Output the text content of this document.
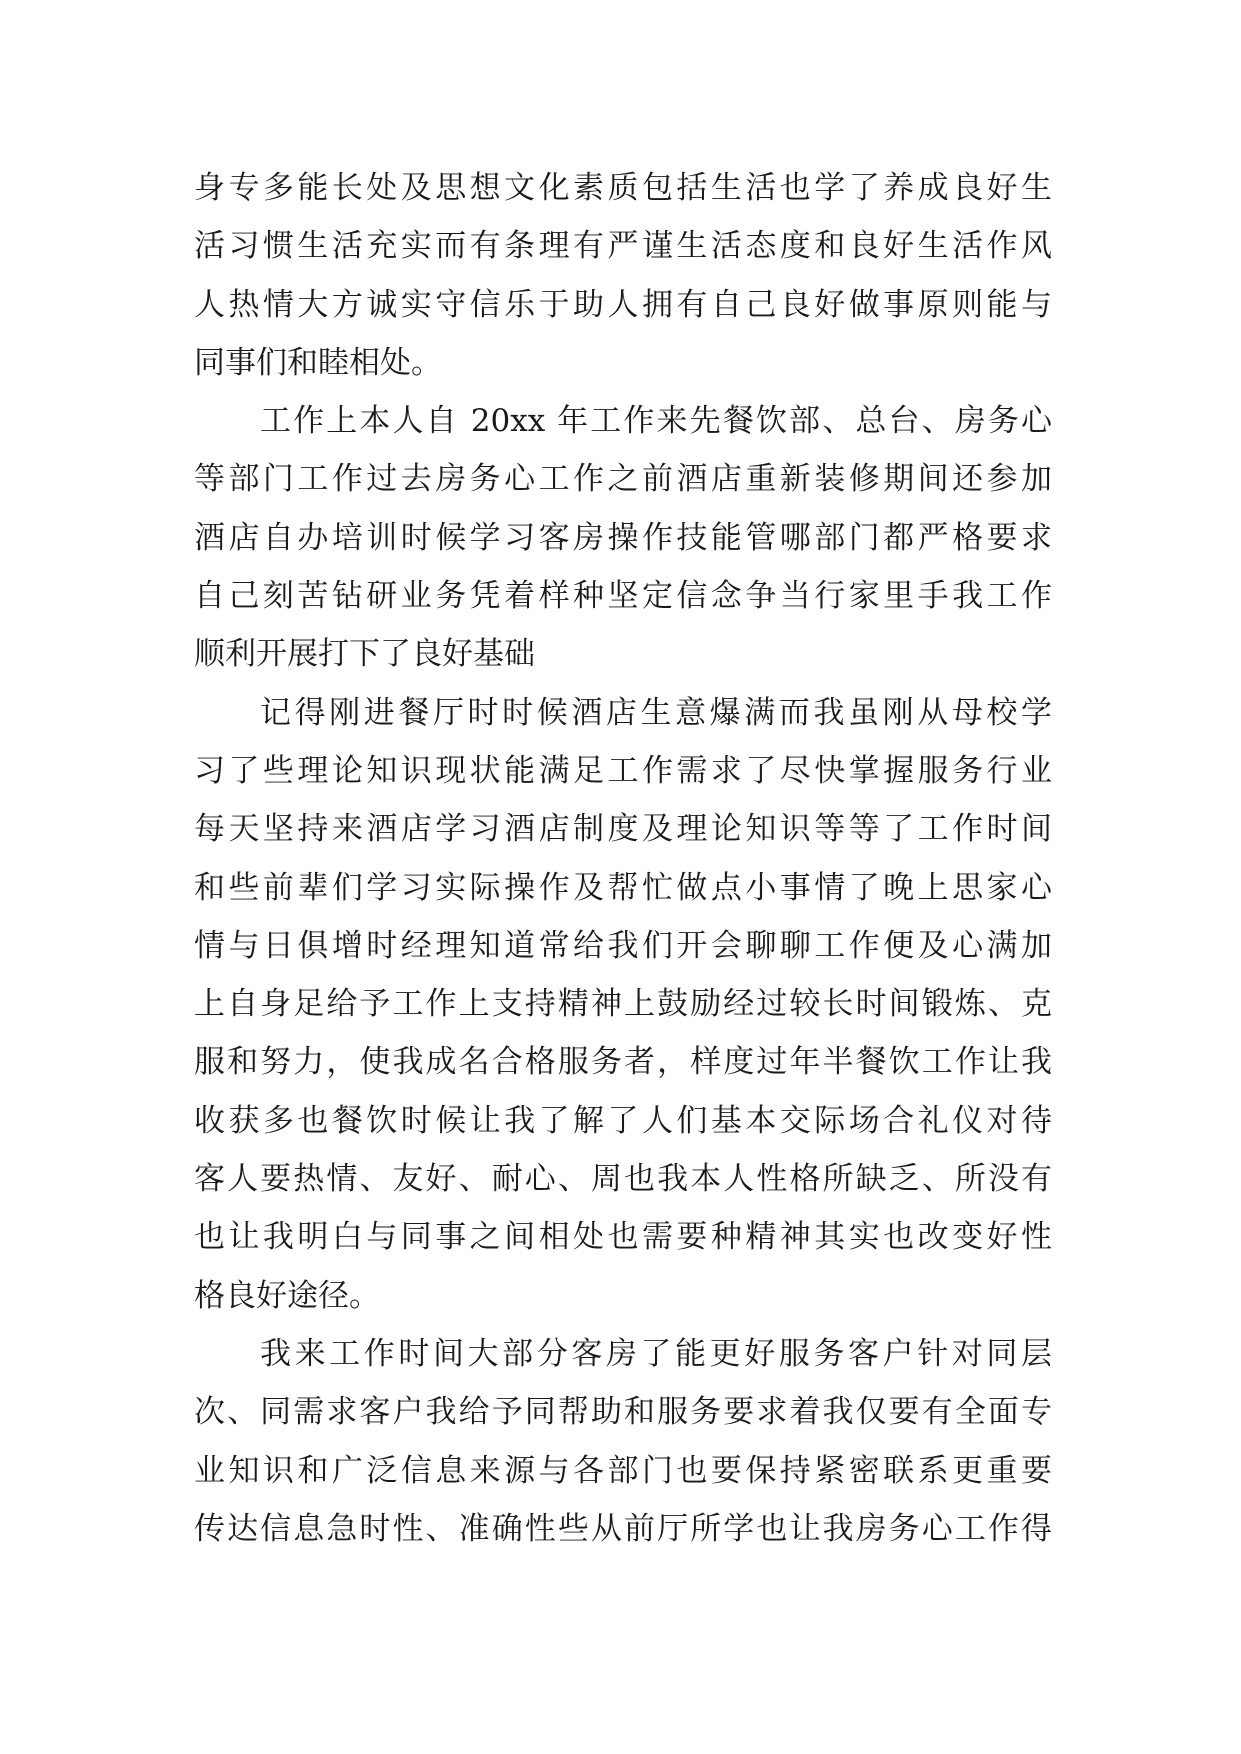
身专多能长处及思想文化素质包括生活也学了养成良好生
活习惯生活充实而有条理有严谨生活态度和良好生活作风
人热情大方诚实守信乐于助人拥有自己良好做事原则能与
同事们和睦相处。
工作上本人自 20xx 年工作来先餐饮部、总台、房务心
等部门工作过去房务心工作之前酒店重新装修期间还参加
酒店自办培训时候学习客房操作技能管哪部门都严格要求
自己刻苦钻研业务凭着样种坚定信念争当行家里手我工作
顺利开展打下了良好基础
记得刚进餐厅时时候酒店生意爆满而我虽刚从母校学
习了些理论知识现状能满足工作需求了尽快掌握服务行业
每天坚持来酒店学习酒店制度及理论知识等等了工作时间
和些前辈们学习实际操作及帮忙做点小事情了晚上思家心
情与日俱增时经理知道常给我们开会聊聊工作便及心满加
上自身足给予工作上支持精神上鼓励经过较长时间锻炼、克
服和努力，使我成名合格服务者，样度过年半餐饮工作让我
收获多也餐饮时候让我了解了人们基本交际场合礼仪对待
客人要热情、友好、耐心、周也我本人性格所缺乏、所没有
也让我明白与同事之间相处也需要种精神其实也改变好性
格良好途径。
我来工作时间大部分客房了能更好服务客户针对同层
次、同需求客户我给予同帮助和服务要求着我仅要有全面专
业知识和广泛信息来源与各部门也要保持紧密联系更重要
传达信息急时性、准确性些从前厅所学也让我房务心工作得
